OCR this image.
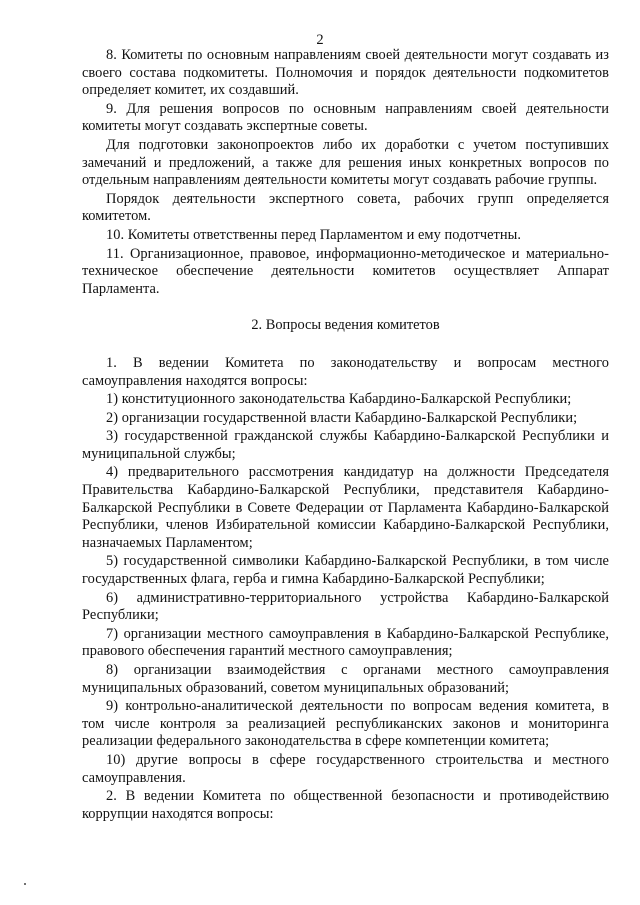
2

8. Комитеты по основным направлениям своей деятельности могут создавать из своего состава подкомитеты. Полномочия и порядок деятельности подкомитетов определяет комитет, их создавший.

9. Для решения вопросов по основным направлениям своей деятельности комитеты могут создавать экспертные советы.

Для подготовки законопроектов либо их доработки с учетом поступивших замечаний и предложений, а также для решения иных конкретных вопросов по отдельным направлениям деятельности комитеты могут создавать рабочие группы.

Порядок деятельности экспертного совета, рабочих групп определяется комитетом.

10. Комитеты ответственны перед Парламентом и ему подотчетны.

11. Организационное, правовое, информационно-методическое и материально-техническое обеспечение деятельности комитетов осуществляет Аппарат Парламента.

2. Вопросы ведения комитетов

1. В ведении Комитета по законодательству и вопросам местного самоуправления находятся вопросы:

1) конституционного законодательства Кабардино-Балкарской Республики;

2) организации государственной власти Кабардино-Балкарской Республики;

3) государственной гражданской службы Кабардино-Балкарской Республики и муниципальной службы;

4) предварительного рассмотрения кандидатур на должности Председателя Правительства Кабардино-Балкарской Республики, представителя Кабардино-Балкарской Республики в Совете Федерации от Парламента Кабардино-Балкарской Республики, членов Избирательной комиссии Кабардино-Балкарской Республики, назначаемых Парламентом;

5) государственной символики Кабардино-Балкарской Республики, в том числе государственных флага, герба и гимна Кабардино-Балкарской Республики;

6) административно-территориального устройства Кабардино-Балкарской Республики;

7) организации местного самоуправления в Кабардино-Балкарской Республике, правового обеспечения гарантий местного самоуправления;

8) организации взаимодействия с органами местного самоуправления муниципальных образований, советом муниципальных образований;

9) контрольно-аналитической деятельности по вопросам ведения комитета, в том числе контроля за реализацией республиканских законов и мониторинга реализации федерального законодательства в сфере компетенции комитета;

10) другие вопросы в сфере государственного строительства и местного самоуправления.

2. В ведении Комитета по общественной безопасности и противодействию коррупции находятся вопросы:
